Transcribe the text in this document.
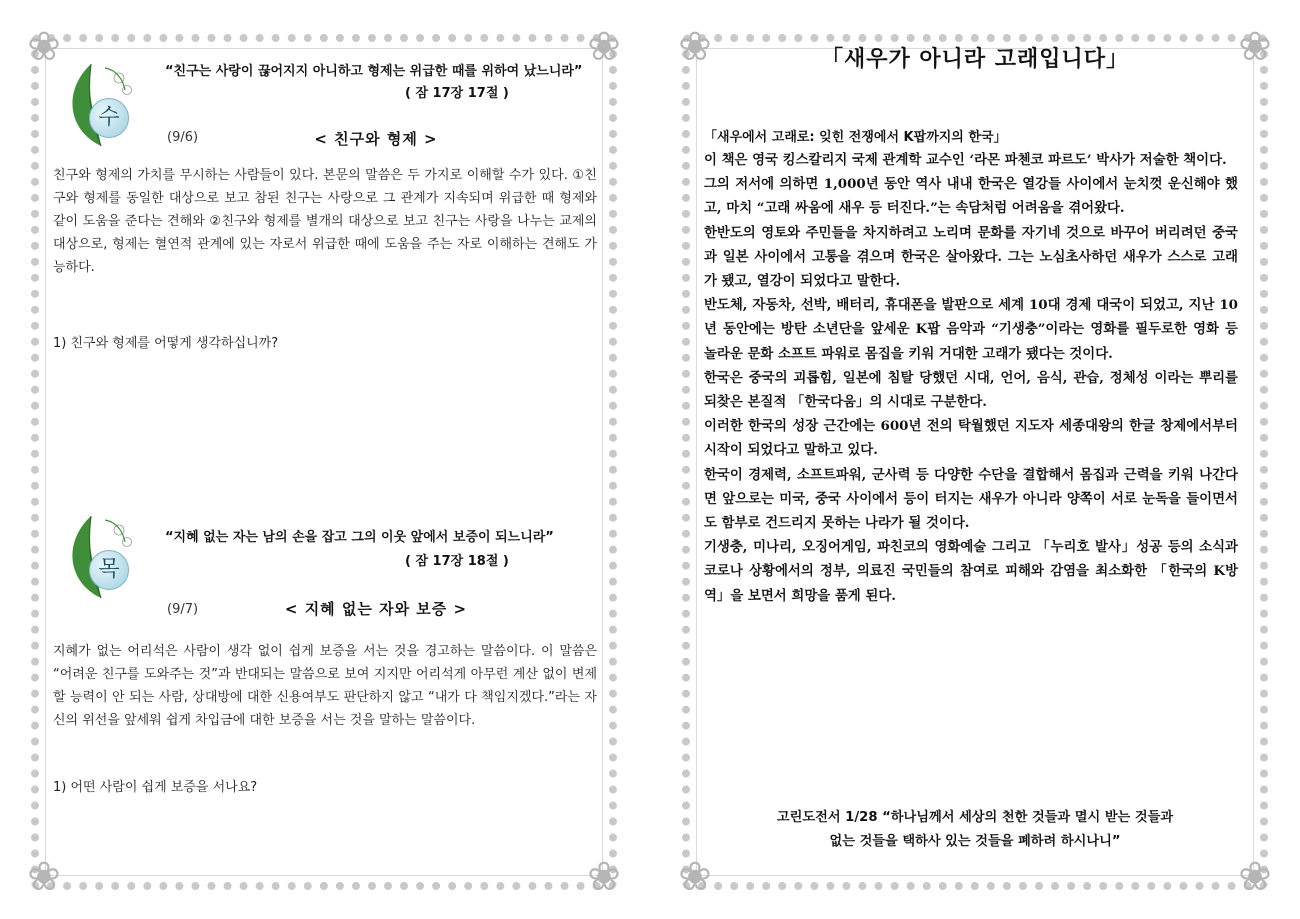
❀	❀
❀	❀
수
“친구는 사랑이 끊어지지 아니하고 형제는 위급한 때를 위하여 났느니라”
( 잠 17장 17절 )
(9/6)	< 친구와 형제 >
친구와 형제의 가치를 무시하는 사람들이 있다. 본문의 말씀은 두 가지로 이해할 수가 있다. ①친구와 형제를 동일한 대상으로 보고 참된 친구는 사랑으로 그 관계가 지속되며 위급한 때 형제와 같이 도움을 준다는 견해와 ②친구와 형제를 별개의 대상으로 보고 친구는 사랑을 나누는 교제의 대상으로, 형제는 혈연적 관계에 있는 자로서 위급한 때에 도움을 주는 자로 이해하는 견해도 가능하다.
1) 친구와 형제를 어떻게 생각하십니까?
목
“지혜 없는 자는 남의 손을 잡고 그의 이웃 앞에서 보증이 되느니라”
( 잠 17장 18절 )
(9/7)	< 지혜 없는 자와 보증 >
지혜가 없는 어리석은 사람이 생각 없이 쉽게 보증을 서는 것을 경고하는 말씀이다. 이 말씀은 “어려운 친구를 도와주는 것”과 반대되는 말씀으로 보여 지지만 어리석게 아무런 계산 없이 변제할 능력이 안 되는 사람, 상대방에 대한 신용여부도 판단하지 않고 “내가 다 책임지겠다.”라는 자신의 위선을 앞세워 쉽게 차입금에 대한 보증을 서는 것을 말하는 말씀이다.
1) 어떤 사람이 쉽게 보증을 서나요?
❀	❀
❀	❀
「새우가 아니라 고래입니다」
「새우에서 고래로: 잊힌 전쟁에서 K팝까지의 한국」

이 책은 영국 킹스칼리지 국제 관계학 교수인 ‘라몬 파첸코 파르도’ 박사가 저술한 책이다.

그의 저서에 의하면 1,000년 동안 역사 내내 한국은 열강들 사이에서 눈치껏 운신해야 했고, 마치 “고래 싸움에 새우 등 터진다.”는 속담처럼 어려움을 겪어왔다.

한반도의 영토와 주민들을 차지하려고 노리며 문화를 자기네 것으로 바꾸어 버리려던 중국과 일본 사이에서 고통을 겪으며 한국은 살아왔다. 그는 노심초사하던 새우가 스스로 고래가 됐고, 열강이 되었다고 말한다.

반도체, 자동차, 선박, 배터리, 휴대폰을 발판으로 세계 10대 경제 대국이 되었고, 지난 10년 동안에는 방탄 소년단을 앞세운 K팝 음악과 “기생충”이라는 영화를 필두로한 영화 등 놀라운 문화 소프트 파워로 몸집을 키워 거대한 고래가 됐다는 것이다.

한국은 중국의 괴롭힘, 일본에 침탈 당했던 시대, 언어, 음식, 관습, 정체성 이라는 뿌리를 되찾은 본질적 「한국다움」의 시대로 구분한다.

이러한 한국의 성장 근간에는 600년 전의 탁월했던 지도자 세종대왕의 한글 창제에서부터 시작이 되었다고 말하고 있다.

한국이 경제력, 소프트파워, 군사력 등 다양한 수단을 결합해서 몸집과 근력을 키워 나간다면 앞으로는 미국, 중국 사이에서 등이 터지는 새우가 아니라 양쪽이 서로 눈독을 들이면서도 함부로 건드리지 못하는 나라가 될 것이다.

기생충, 미나리, 오징어게임, 파친코의 영화예술 그리고 「누리호 발사」성공 등의 소식과 코로나 상황에서의 정부, 의료진 국민들의 참여로 피해와 감염을 최소화한 「한국의 K방역」을 보면서 희망을 품게 된다.

고린도전서 1/28 “하나님께서 세상의 천한 것들과 멸시 받는 것들과
없는 것들을 택하사 있는 것들을 폐하려 하시나니”
